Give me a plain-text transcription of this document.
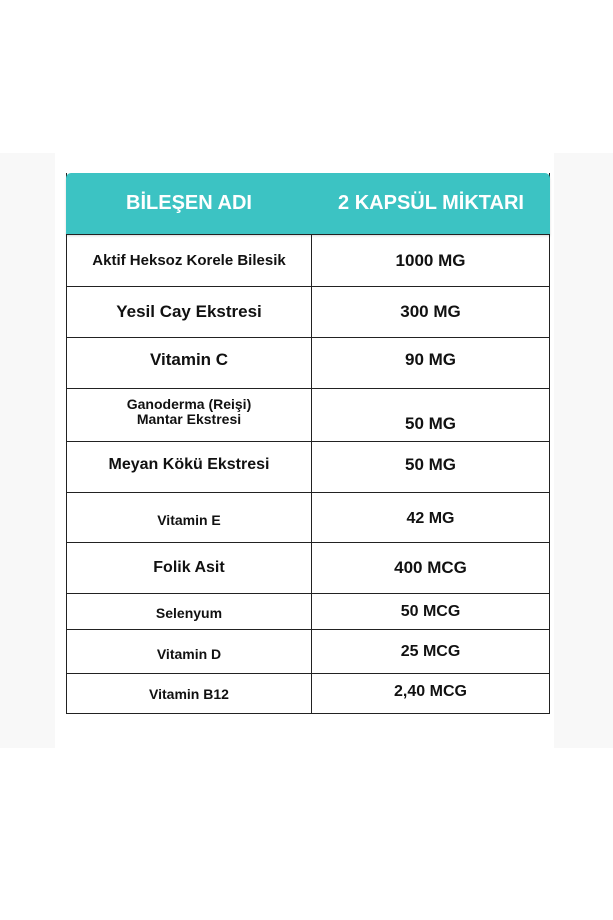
BİLEŞEN ADI	2 KAPSÜL MİKTARI
Aktif Heksoz Korele Bilesik	1000 MG
Yesil Cay Ekstresi	300 MG
Vitamin C	90 MG
Ganoderma (Reişi)
Mantar Ekstresi	50 MG
Meyan Kökü Ekstresi	50 MG
Vitamin E	42 MG
Folik Asit	400 MCG
Selenyum	50 MCG
Vitamin D	25 MCG
Vitamin B12	2,40 MCG
